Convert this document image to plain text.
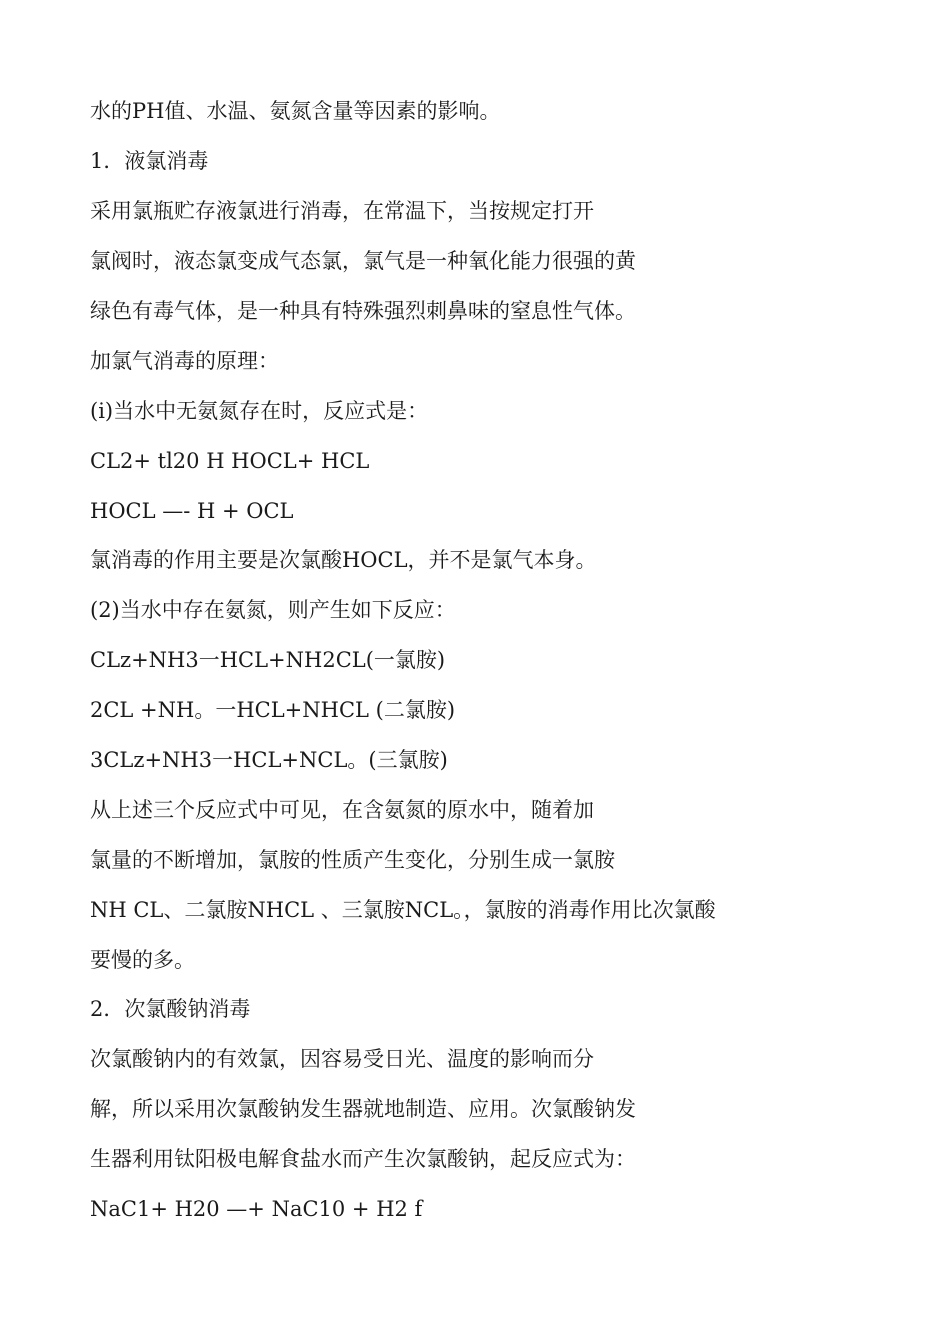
水的PH值、水温、氨氮含量等因素的影响。
1．液氯消毒
采用氯瓶贮存液氯进行消毒，在常温下，当按规定打开
氯阀时，液态氯变成气态氯，氯气是一种氧化能力很强的黄
绿色有毒气体，是一种具有特殊强烈刺鼻味的窒息性气体。
加氯气消毒的原理：
(i)当水中无氨氮存在时，反应式是：
CL2+ tl20 H HOCL+ HCL
HOCL —- H + OCL
氯消毒的作用主要是次氯酸HOCL，并不是氯气本身。
(2)当水中存在氨氮，则产生如下反应：
CLz+NH3一HCL+NH2CL(一氯胺)
2CL +NH。一HCL+NHCL (二氯胺)
3CLz+NH3一HCL+NCL。(三氯胺)
从上述三个反应式中可见，在含氨氮的原水中，随着加
氯量的不断增加，氯胺的性质产生变化，分别生成一氯胺
NH CL、二氯胺NHCL 、三氯胺NCL。，氯胺的消毒作用比次氯酸
要慢的多。
2．次氯酸钠消毒
次氯酸钠内的有效氯，因容易受日光、温度的影响而分
解，所以采用次氯酸钠发生器就地制造、应用。次氯酸钠发
生器利用钛阳极电解食盐水而产生次氯酸钠，起反应式为：
NaC1+ H20 —+ NaC10 + H2 f
